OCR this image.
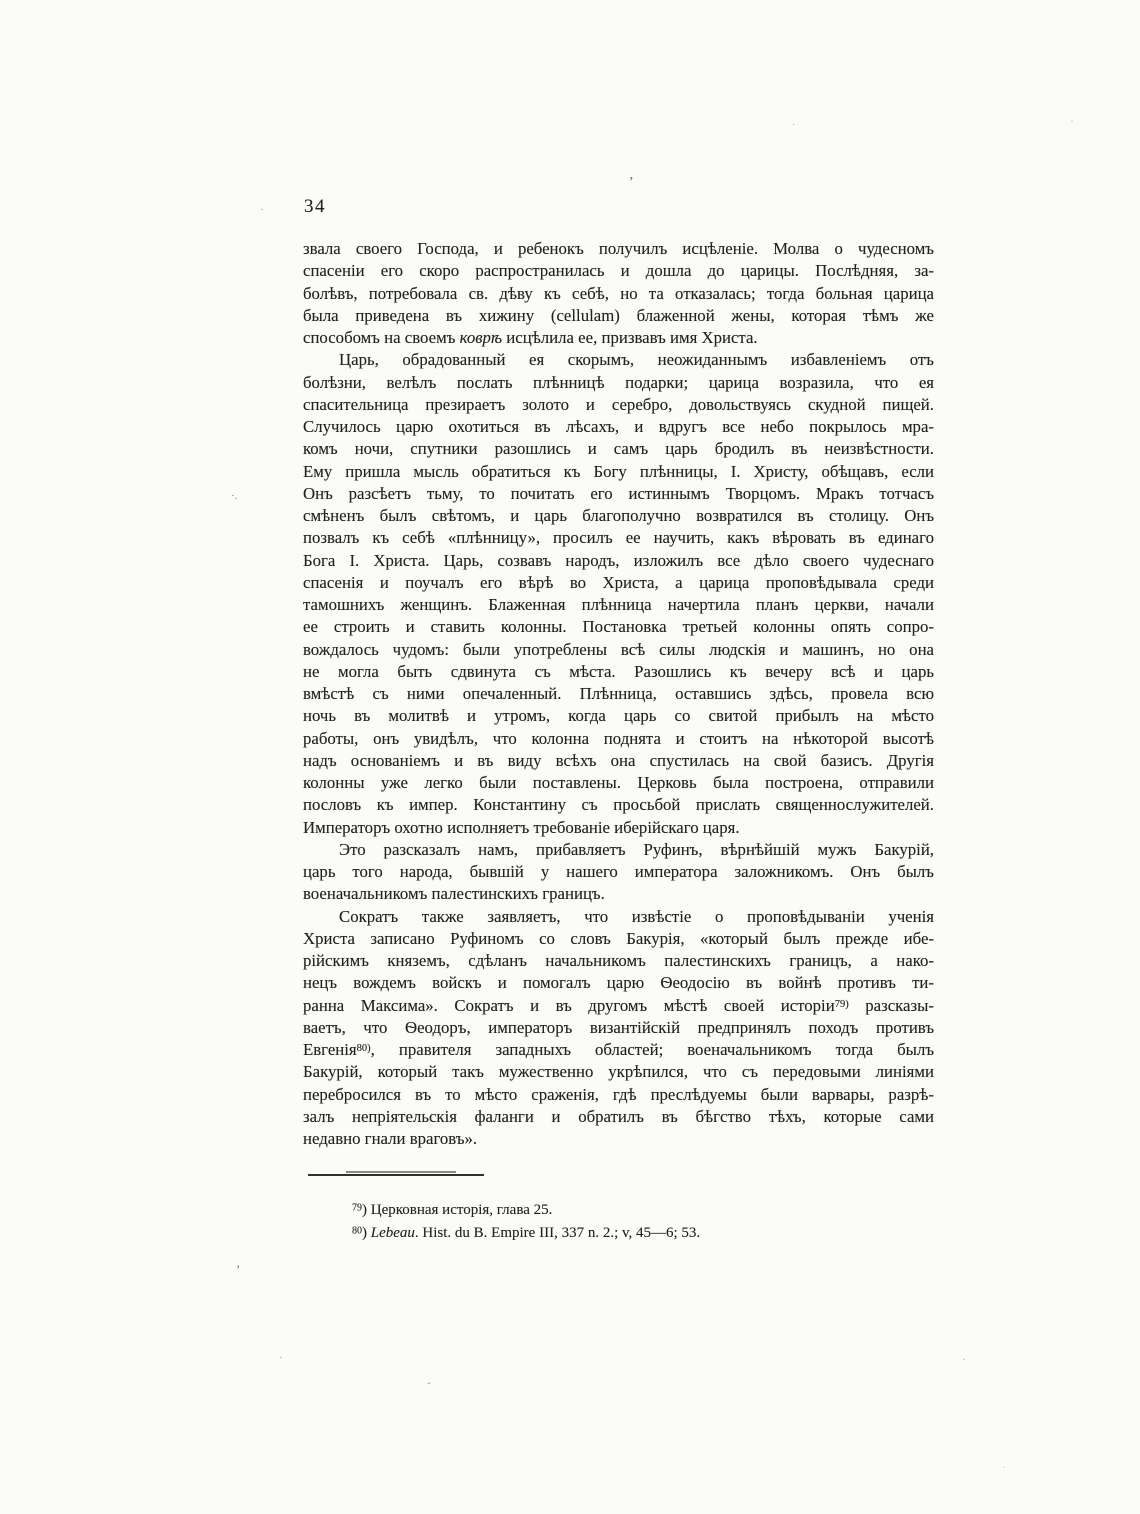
34
звала своего Господа, и ребенокъ получилъ исцѣленіе. Молва о чудесномъ
спасеніи его скоро распространилась и дошла до царицы. Послѣдняя, за-
болѣвъ, потребовала св. дѣву къ себѣ, но та отказалась; тогда больная царица
была приведена въ хижину (cellulam) блаженной жены, которая тѣмъ же
способомъ на своемъ коврѣ исцѣлила ее, призвавъ имя Христа.
Царь, обрадованный ея скорымъ, неожиданнымъ избавленіемъ отъ
болѣзни, велѣлъ послать плѣнницѣ подарки; царица возразила, что ея
спасительница презираетъ золото и серебро, довольствуясь скудной пищей.
Случилось царю охотиться въ лѣсахъ, и вдругъ все небо покрылось мра-
комъ ночи, спутники разошлись и самъ царь бродилъ въ неизвѣстности.
Ему пришла мысль обратиться къ Богу плѣнницы, І. Христу, обѣщавъ, если
Онъ разсѣетъ тьму, то почитать его истиннымъ Творцомъ. Мракъ тотчасъ
смѣненъ былъ свѣтомъ, и царь благополучно возвратился въ столицу. Онъ
позвалъ къ себѣ «плѣнницу», просилъ ее научить, какъ вѣровать въ единаго
Бога І. Христа. Царь, созвавъ народъ, изложилъ все дѣло своего чудеснаго
спасенія и поучалъ его вѣрѣ во Христа, а царица проповѣдывала среди
тамошнихъ женщинъ. Блаженная плѣнница начертила планъ церкви, начали
ее строить и ставить колонны. Постановка третьей колонны опять сопро-
вождалось чудомъ: были употреблены всѣ силы людскія и машинъ, но она
не могла быть сдвинута съ мѣста. Разошлись къ вечеру всѣ и царь
вмѣстѣ съ ними опечаленный. Плѣнница, оставшись здѣсь, провела всю
ночь въ молитвѣ и утромъ, когда царь со свитой прибылъ на мѣсто
работы, онъ увидѣлъ, что колонна поднята и стоитъ на нѣкоторой высотѣ
надъ основаніемъ и въ виду всѣхъ она спустилась на свой базисъ. Другія
колонны уже легко были поставлены. Церковь была построена, отправили
пословъ къ импер. Константину съ просьбой прислать священнослужителей.
Императоръ охотно исполняетъ требованіе иберійскаго царя.
Это разсказалъ намъ, прибавляетъ Руфинъ, вѣрнѣйшій мужъ Бакурій,
царь того народа, бывшій у нашего императора заложникомъ. Онъ былъ
военачальникомъ палестинскихъ границъ.
Сократъ также заявляетъ, что извѣстіе о проповѣдываніи ученія
Христа записано Руфиномъ со словъ Бакурія, «который былъ прежде ибе-
рійскимъ княземъ, сдѣланъ начальникомъ палестинскихъ границъ, а нако-
нецъ вождемъ войскъ и помогалъ царю Ѳеодосію въ войнѣ противъ ти-
ранна Максима». Сократъ и въ другомъ мѣстѣ своей исторіи$^{79)}$ разсказы-
ваетъ, что Ѳеодоръ, императоръ византійскій предпринялъ походъ противъ
Евгенія$^{80)}$, правителя западныхъ областей; военачальникомъ тогда былъ
Бакурій, который такъ мужественно укрѣпился, что съ передовыми линіями
перебросился въ то мѣсто сраженія, гдѣ преслѣдуемы были варвары, разрѣ-
залъ непріятельскія фаланги и обратилъ въ бѣгство тѣхъ, которые сами
недавно гнали враговъ».
$^{79}$) Церковная исторія, глава 25.
$^{80}$) Lebeau. Hist. du B. Empire III, 337 n. 2.; v, 45—6; 53.
’
·
·.
·	·
’
·
ˇ
·
·
